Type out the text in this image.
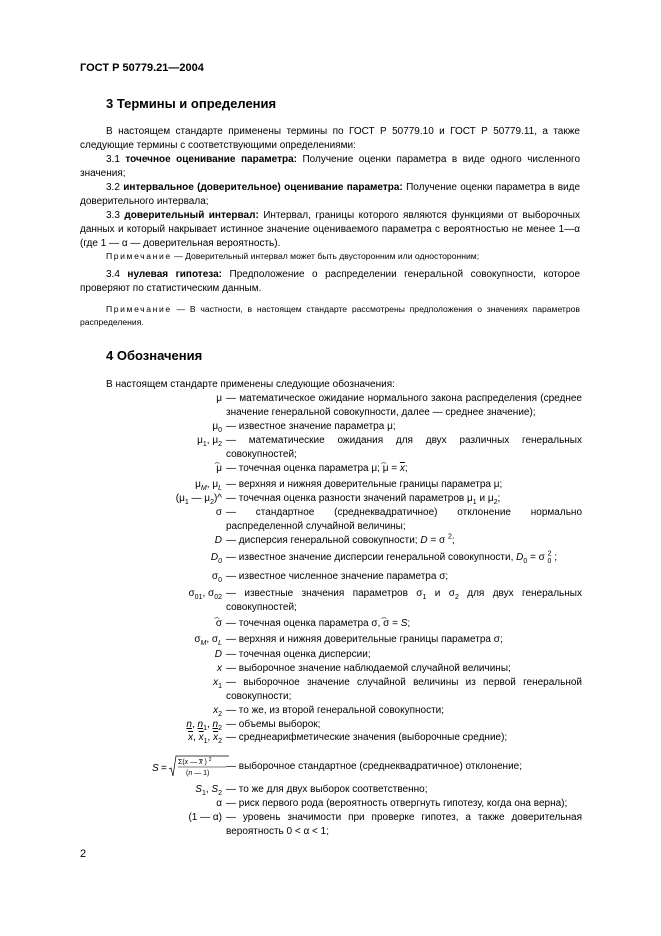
ГОСТ Р 50779.21—2004
3 Термины и определения
В настоящем стандарте применены термины по ГОСТ Р 50779.10 и ГОСТ Р 50779.11, а также следующие термины с соответствующими определениями:
3.1 точечное оценивание параметра: Получение оценки параметра в виде одного численного значения;
3.2 интервальное (доверительное) оценивание параметра: Получение оценки параметра в виде доверительного интервала;
3.3 доверительный интервал: Интервал, границы которого являются функциями от выборочных данных и который накрывает истинное значение оцениваемого параметра с вероятностью не менее 1—α (где 1 — α — доверительная вероятность).
Примечание — Доверительный интервал может быть двусторонним или односторонним;
3.4 нулевая гипотеза: Предположение о распределении генеральной совокупности, которое проверяют по статистическим данным.
Примечание — В частности, в настоящем стандарте рассмотрены предположения о значениях параметров распределения.
4 Обозначения
В настоящем стандарте применены следующие обозначения:
μ — математическое ожидание нормального закона распределения (среднее значение генеральной совокупности, далее — среднее значение);
$\mu_0$ — известное значение параметра μ;
$\mu_1$, $\mu_2$ — математические ожидания для двух различных генеральных совокупностей;
μ
⌢
— точечная оценка параметра μ; μ
⌢
= $\overline{x}$;
$\mu_M$, $\mu_L$ — верхняя и нижняя доверительные границы параметра μ;
($\mu_1$ — $\mu_2)\^{}$ — точечная оценка разности значений параметров $\mu_1$ и $\mu_2$;
σ — стандартное (среднеквадратичное) отклонение нормально распределенной случайной величины;
D — дисперсия генеральной совокупности; D = σ $^2$;
$D_0$ — известное значение дисперсии генеральной совокупности, $D_0 = \sigma$ $^2_0$ ;
$\sigma_0$ — известное численное значение параметра σ;
$\sigma_{01}$, $\sigma_{02}$ — известные значения параметров $\sigma_1$ и $\sigma_2$ для двух генеральных совокупностей;
σ
⌢
— точечная оценка параметра σ, σ
⌢
= S;
$\sigma_M$, $\sigma_L$ — верхняя и нижняя доверительные границы параметра σ;
D — точечная оценка дисперсии;
x — выборочное значение наблюдаемой случайной величины;
$x_1$ — выборочное значение случайной величины из первой генеральной совокупности;
$x_2$ — то же, из второй генеральной совокупности;
n, $n_1$, $n_2$ — объемы выборок;
$\overline{x}$, $\overline{x}_1$, $\overline{x}_2$ — среднеарифметические значения (выборочные средние);
S =
Σ(x — x ) $^2$
(n — 1)
— выборочное стандартное (среднеквадратичное) отклонение;
$S_1$, $S_2$ — то же для двух выборок соответственно;
α — риск первого рода (вероятность отвергнуть гипотезу, когда она верна);
(1 — α) — уровень значимости при проверке гипотез, а также доверительная вероятность 0 < α < 1;
2
